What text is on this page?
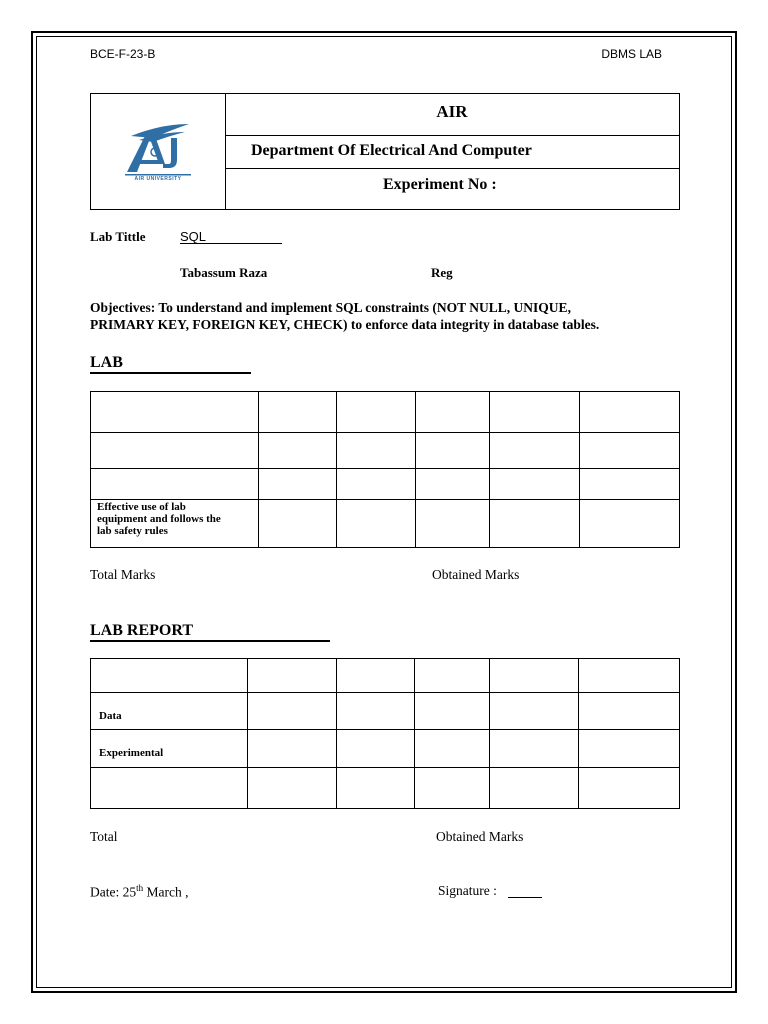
BCE-F-23-B	DBMS LAB
AIR UNIVERSITY
AIR
Department Of Electrical And Computer
Experiment No :
Lab Tittle	SQL
Tabassum Raza	Reg
Objectives: To understand and implement SQL constraints (NOT NULL, UNIQUE,
PRIMARY KEY, FOREIGN KEY, CHECK) to enforce data integrity in database tables.
LAB
Effective use of lab
equipment and follows the
lab safety rules
Total Marks	Obtained Marks
LAB REPORT
Data
Experimental
Total	Obtained Marks
Date: 25th March ,	Signature :
